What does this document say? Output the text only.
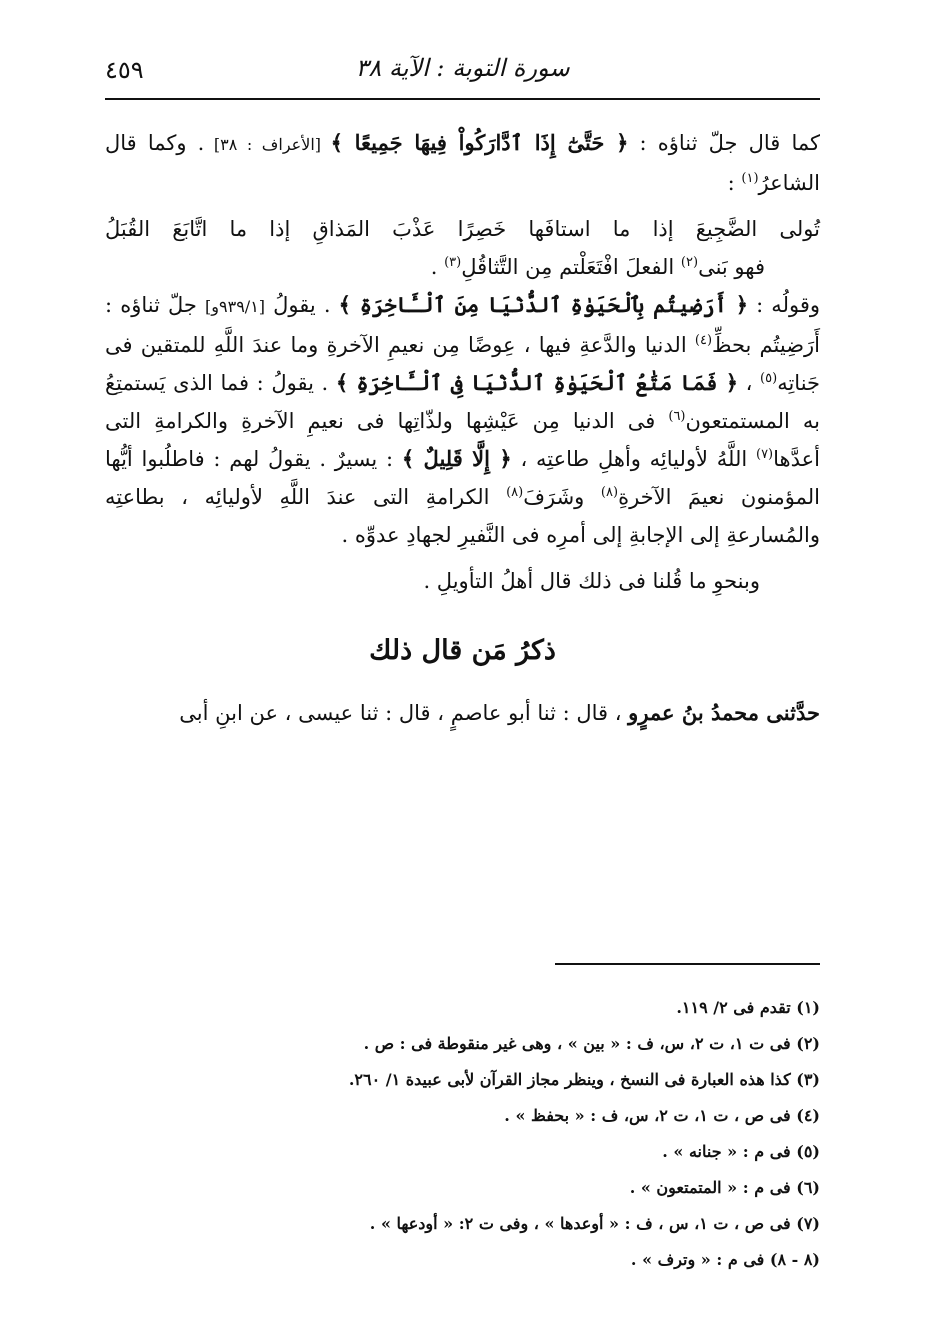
سورة التوبة : الآية ٣٨
٤٥٩

كما قال جلّ ثناؤه : ﴿ حَتَّىٰٓ إِذَا ٱدَّارَكُواْ فِيهَا جَمِيعًا ﴾ [الأعراف : ٣٨] . وكما قال الشاعرُ$^{(١)}$ :

تُولى الضَّجِيعَ إذا ما استافَها خَصِرًا عَذْبَ المَذاقِ إذا ما اتَّابَعَ القُبَلُ

فهو بَنى$^{(٢)}$ الفعلَ افْتَعَلْتم مِن التَّثاقُلِ$^{(٣)}$ .

وقولُه : ﴿ أَرَضِيتُم بِٱلْحَيَوٰةِ ٱلدُّنْيَا مِنَ ٱلْـَٔاخِرَةِ ﴾ . يقولُ [٩٣٩/١و] جلّ ثناؤه : أَرَضِيتُم بحظِّ$^{(٤)}$ الدنيا والدَّعةِ فيها ، عِوضًا مِن نعيمِ الآخرةِ وما عندَ اللَّهِ للمتقين فى جَناتِه$^{(٥)}$ ، ﴿ فَمَا مَتَٰعُ ٱلْحَيَوٰةِ ٱلدُّنْيَا فِى ٱلْـَٔاخِرَةِ ﴾ . يقولُ : فما الذى يَستمتِعُ به المستمتعون$^{(٦)}$ فى الدنيا مِن عَيْشِها ولذّاتِها فى نعيمِ الآخرةِ والكرامةِ التى أعدَّها$^{(٧)}$ اللَّهُ لأوليائِه وأهلِ طاعتِه ، ﴿ إِلَّا قَلِيلٌ ﴾ : يسيرٌ . يقولُ لهم : فاطلُبوا أيُّها المؤمنون نعيمَ الآخرةِ$^{(٨)}$ وشَرَفَ$^{(٨)}$ الكرامةِ التى عندَ اللَّهِ لأوليائِه ، بطاعتِه والمُسارعةِ إلى الإجابةِ إلى أمرِه فى النَّفيرِ لجهادِ عدوِّه .

وبنحوِ ما قُلنا فى ذلك قال أهلُ التأويلِ .

ذكرُ مَن قال ذلك

حدَّثنى محمدُ بنُ عمرٍو ، قال : ثنا أبو عاصمٍ ، قال : ثنا عيسى ، عن ابنِ أبى

(١) تقدم فى ٢/ ١١٩.

(٢) فى ت ١، ت ٢، س، ف : « بين » ، وهى غير منقوطة فى : ص .

(٣) كذا هذه العبارة فى النسخ ، وينظر مجاز القرآن لأبى عبيدة ١/ ٢٦٠.

(٤) فى ص ، ت ١، ت ٢، س، ف : « بحفظ » .

(٥) فى م : « جنانه » .

(٦) فى م : « المتمتعون » .

(٧) فى ص ، ت ١، س ، ف : « أوعدها » ، وفى ت ٢: « أودعها » .

(٨ - ٨) فى م : « وترف » .
